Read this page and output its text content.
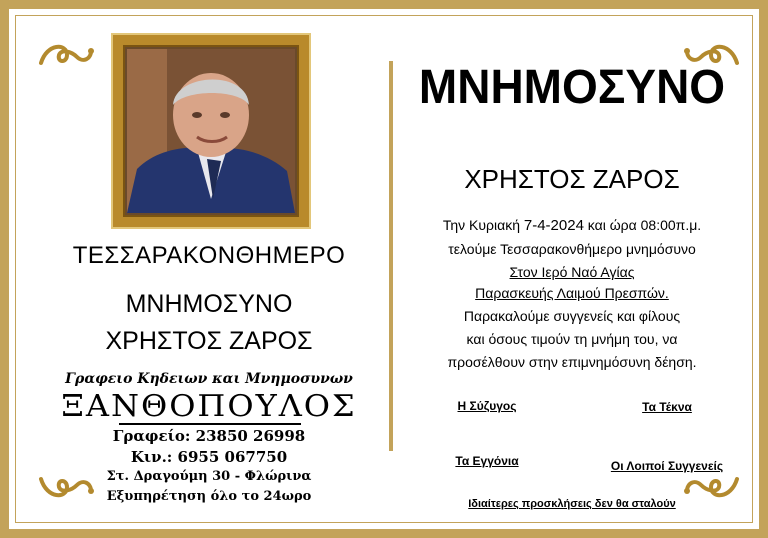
ΤΕΣΣΑΡΑΚΟΝΘΗΜΕΡΟ
ΜΝΗΜΟΣΥΝΟ
ΧΡΗΣΤΟΣ ΖΑΡΟΣ
Γραφειο Κηδειων και Μνημοσυνων
ΞΑΝΘΟΠΟΥΛΟΣ
Γραφείο: 23850 26998
Κιν.: 6955 067750
Στ. Δραγούμη 30 - Φλώρινα
Εξυπηρέτηση όλο το 24ωρο
ΜΝΗΜΟΣΥΝΟ
ΧΡΗΣΤΟΣ ΖΑΡΟΣ
Την Κυριακή 7-4-2024 και ώρα 08:00π.μ.
τελούμε Τεσσαρακονθήμερο μνημόσυνο
Στον Ιερό Ναό Αγίας
Παρασκευής Λαιμού Πρεσπών.
Παρακαλούμε συγγενείς και φίλους
και όσους τιμούν τη μνήμη του, να
προσέλθουν στην επιμνημόσυνη δέηση.
Η Σύζυγος	Τα Τέκνα
Τα Εγγόνια	Οι Λοιποί Συγγενείς
Ιδιαίτερες προσκλήσεις δεν θα σταλούν
